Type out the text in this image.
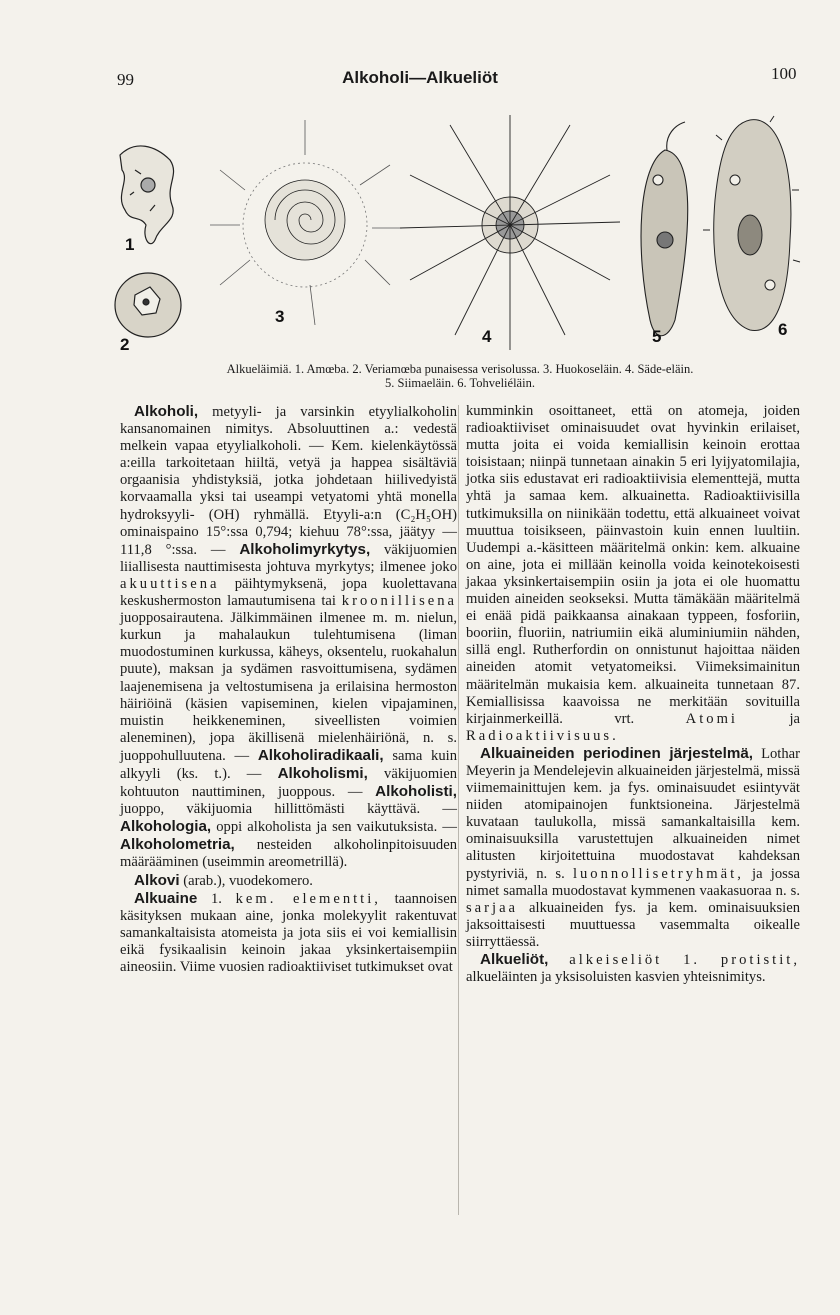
99	Alkoholi—Alkueliöt	100
1
2
3
4	5	6
Alkueläimiä. 1. Amœba. 2. Veriamœba punaisessa verisolussa. 3. Huokoseläin. 4. Säde-eläin.
5. Siimaeläin. 6. Tohveliéläin.

Alkoholi, metyyli- ja varsinkin etyylialkoholin kansanomainen nimitys. Absoluuttinen a.: vedestä melkein vapaa etyylialkoholi. — Kem. kielenkäytössä a:eilla tarkoitetaan hiiltä, vetyä ja happea sisältäviä orgaanisia yhdistyksiä, jotka johdetaan hiilivedyistä korvaamalla yksi tai useampi vetyatomi yhtä monella hydroksyyli- (OH) ryhmällä. Etyyli-a:n (C₂H₅OH) ominaispaino 15°:ssa 0,794; kiehuu 78°:ssa, jäätyy —111,8 °:ssa. — Alkoholimyrkytys, väkijuomien liiallisesta nauttimisesta johtuva myrkytys; ilmenee joko akuuttisena päihtymyksenä, jopa kuolettavana keskushermoston lamautumisena tai kroonillisena juopposairautena. Jälkimmäinen ilmenee m. m. nielun, kurkun ja mahalaukun tulehtumisena (liman muodostuminen kurkussa, käheys, oksentelu, ruokahalun puute), maksan ja sydämen rasvoittumisena, sydämen laajenemisena ja veltostumisena ja erilaisina hermoston häiriöinä (käsien vapiseminen, kielen vipajaminen, muistin heikkeneminen, siveellisten voimien aleneminen), jopa äkillisenä mielenhäiriönä, n. s. juoppohulluutena. — Alkoholiradikaali, sama kuin alkyyli (ks. t.). — Alkoholismi, väkijuomien kohtuuton nauttiminen, juoppous. — Alkoholisti, juoppo, väkijuomia hillittömästi käyttävä. — Alkohologia, oppi alkoholista ja sen vaikutuksista. — Alkoholometria, nesteiden alkoholinpitoisuuden määrääminen (useimmin areometrillä).

Alkovi (arab.), vuodekomero.

Alkuaine 1. kem. elementti, taannoisen käsityksen mukaan aine, jonka molekyylit rakentuvat samankaltaisista atomeista ja jota siis ei voi kemiallisin eikä fysikaalisin keinoin jakaa yksinkertaisempiin aineosiin. Viime vuosien radioaktiiviset tutkimukset ovat

kumminkin osoittaneet, että on atomeja, joiden radioaktiiviset ominaisuudet ovat hyvinkin erilaiset, mutta joita ei voida kemiallisin keinoin erottaa toisistaan; niinpä tunnetaan ainakin 5 eri lyijyatomilajia, jotka siis edustavat eri radioaktiivisia elementtejä, mutta yhtä ja samaa kem. alkuainetta. Radioaktiivisilla tutkimuksilla on niinikään todettu, että alkuaineet voivat muuttua toisikseen, päinvastoin kuin ennen luultiin. Uudempi a.-käsitteen määritelmä onkin: kem. alkuaine on aine, jota ei millään keinolla voida keinotekoisesti jakaa yksinkertaisempiin osiin ja jota ei ole huomattu muiden aineiden seokseksi. Mutta tämäkään määritelmä ei enää pidä paikkaansa ainakaan typpeen, fosforiin, booriin, fluoriin, natriumiin eikä aluminiumiin nähden, sillä engl. Rutherfordin on onnistunut hajoittaa näiden aineiden atomit vetyatomeiksi. Viimeksimainitun määritelmän mukaisia kem. alkuaineita tunnetaan 87. Kemiallisissa kaavoissa ne merkitään sovituilla kirjainmerkeillä. vrt. Atomi ja Radioaktiivisuus.

Alkuaineiden periodinen järjestelmä, Lothar Meyerin ja Mendelejevin alkuaineiden järjestelmä, missä viimemainittujen kem. ja fys. ominaisuudet esiintyvät niiden atomipainojen funktsioneina. Järjestelmä kuvataan taulukolla, missä samankaltaisilla kem. ominaisuuksilla varustettujen alkuaineiden nimet alitusten kirjoitettuina muodostavat kahdeksan pystyriviä, n. s. luonnollisetryhmät, ja jossa nimet samalla muodostavat kymmenen vaakasuoraa n. s. sarjaa alkuaineiden fys. ja kem. ominaisuuksien jaksoittaisesti muuttuessa vasemmalta oikealle siirryttäessä.

Alkueliöt, alkeiseliöt 1. protistit, alkueläinten ja yksisoluisten kasvien yhteisnimitys.
